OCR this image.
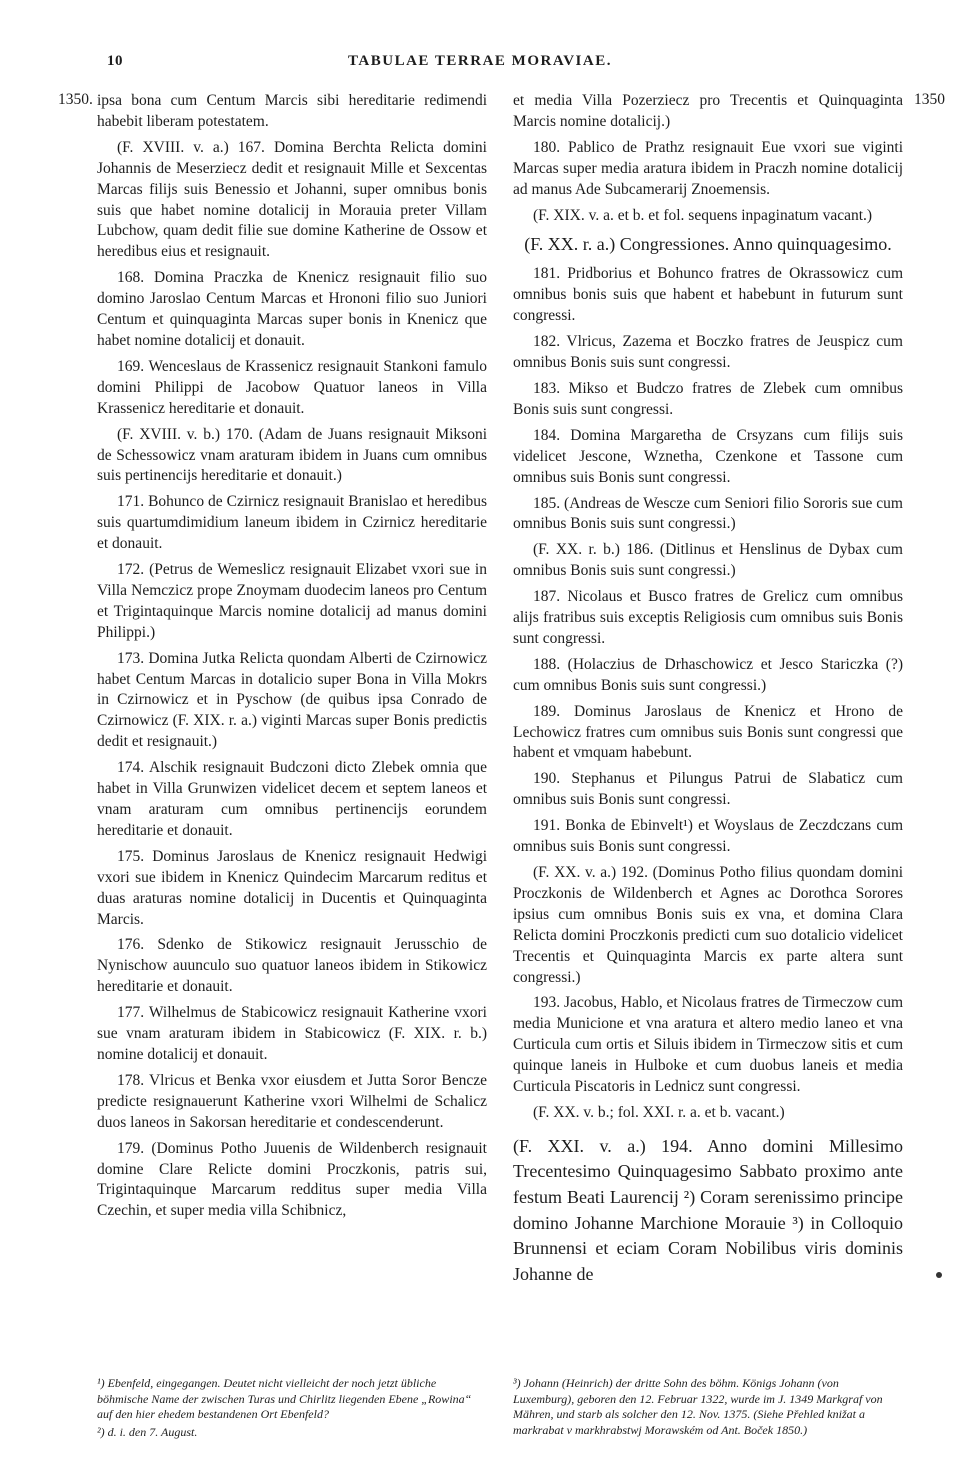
10	TABULAE TERRAE MORAVIAE.
1350.	1350

ipsa bona cum Centum Marcis sibi hereditarie redimendi habebit liberam potestatem.

(F. XVIII. v. a.) 167. Domina Berchta Relicta domini Johannis de Meserziecz dedit et resignauit Mille et Sexcentas Marcas filijs suis Benessio et Johanni, super omnibus bonis suis que habet nomine dotalicij in Morauia preter Villam Lubchow, quam dedit filie sue domine Katherine de Ossow et heredibus eius et resignauit.

168. Domina Praczka de Knenicz resignauit filio suo domino Jaroslao Centum Marcas et Hrononi filio suo Juniori Centum et quinquaginta Marcas super bonis in Knenicz que habet nomine dotalicij et donauit.

169. Wenceslaus de Krassenicz resignauit Stankoni famulo domini Philippi de Jacobow Quatuor laneos in Villa Krassenicz hereditarie et donauit.

(F. XVIII. v. b.) 170. (Adam de Juans resignauit Miksoni de Schessowicz vnam araturam ibidem in Juans cum omnibus suis pertinencijs hereditarie et donauit.)

171. Bohunco de Czirnicz resignauit Branislao et heredibus suis quartumdimidium laneum ibidem in Czirnicz hereditarie et donauit.

172. (Petrus de Wemeslicz resignauit Elizabet vxori sue in Villa Nemczicz prope Znoymam duodecim laneos pro Centum et Trigintaquinque Marcis nomine dotalicij ad manus domini Philippi.)

173. Domina Jutka Relicta quondam Alberti de Czirnowicz habet Centum Marcas in dotalicio super Bona in Villa Mokrs in Czirnowicz et in Pyschow (de quibus ipsa Conrado de Czirnowicz (F. XIX. r. a.) viginti Marcas super Bonis predictis dedit et resignauit.)

174. Alschik resignauit Budczoni dicto Zlebek omnia que habet in Villa Grunwizen videlicet decem et septem laneos et vnam araturam cum omnibus pertinencijs eorundem hereditarie et donauit.

175. Dominus Jaroslaus de Knenicz resignauit Hedwigi vxori sue ibidem in Knenicz Quindecim Marcarum reditus et duas araturas nomine dotalicij in Ducentis et Quinquaginta Marcis.

176. Sdenko de Stikowicz resignauit Jerusschio de Nynischow auunculo suo quatuor laneos ibidem in Stikowicz hereditarie et donauit.

177. Wilhelmus de Stabicowicz resignauit Katherine vxori sue vnam araturam ibidem in Stabicowicz (F. XIX. r. b.) nomine dotalicij et donauit.

178. Vlricus et Benka vxor eiusdem et Jutta Soror Bencze predicte resignauerunt Katherine vxori Wilhelmi de Schalicz duos laneos in Sakorsan hereditarie et condescenderunt.

179. (Dominus Potho Juuenis de Wildenberch resignauit domine Clare Relicte domini Proczkonis, patris sui, Trigintaquinque Marcarum redditus super media Villa Czechin, et super media villa Schibnicz,

et media Villa Pozerziecz pro Trecentis et Quinquaginta Marcis nomine dotalicij.)

180. Pablico de Prathz resignauit Eue vxori sue viginti Marcas super media aratura ibidem in Praczh nomine dotalicij ad manus Ade Subcamerarij Znoemensis.

(F. XIX. v. a. et b. et fol. sequens inpaginatum vacant.)

(F. XX. r. a.) Congressiones. Anno quinquagesimo.

181. Pridborius et Bohunco fratres de Okrassowicz cum omnibus bonis suis que habent et habebunt in futurum sunt congressi.

182. Vlricus, Zazema et Boczko fratres de Jeuspicz cum omnibus Bonis suis sunt congressi.

183. Mikso et Budczo fratres de Zlebek cum omnibus Bonis suis sunt congressi.

184. Domina Margaretha de Crsyzans cum filijs suis videlicet Jescone, Wznetha, Czenkone et Tassone cum omnibus suis Bonis sunt congressi.

185. (Andreas de Wescze cum Seniori filio Sororis sue cum omnibus Bonis suis sunt congressi.)

(F. XX. r. b.) 186. (Ditlinus et Henslinus de Dybax cum omnibus Bonis suis sunt congressi.)

187. Nicolaus et Busco fratres de Grelicz cum omnibus alijs fratribus suis exceptis Religiosis cum omnibus suis Bonis sunt congressi.

188. (Holaczius de Drhaschowicz et Jesco Stariczka (?) cum omnibus Bonis suis sunt congressi.)

189. Dominus Jaroslaus de Knenicz et Hrono de Lechowicz fratres cum omnibus suis Bonis sunt congressi que habent et vmquam habebunt.

190. Stephanus et Pilungus Patrui de Slabaticz cum omnibus suis Bonis sunt congressi.

191. Bonka de Ebinvelt¹) et Woyslaus de Zeczdczans cum omnibus suis Bonis sunt congressi.

(F. XX. v. a.) 192. (Dominus Potho filius quondam domini Proczkonis de Wildenberch et Agnes ac Dorothca Sorores ipsius cum omnibus Bonis suis ex vna, et domina Clara Relicta domini Proczkonis predicti cum suo dotalicio videlicet Trecentis et Quinquaginta Marcis ex parte altera sunt congressi.)

193. Jacobus, Hablo, et Nicolaus fratres de Tirmeczow cum media Municione et vna aratura et altero medio laneo et vna Curticula cum ortis et Siluis ibidem in Tirmeczow sitis et cum quinque laneis in Hulboke et cum duobus laneis et media Curticula Piscatoris in Lednicz sunt congressi.

(F. XX. v. b.; fol. XXI. r. a. et b. vacant.)

(F. XXI. v. a.) 194. Anno domini Millesimo Trecentesimo Quinquagesimo Sabbato proximo ante festum Beati Laurencij ²) Coram serenissimo principe domino Johanne Marchione Morauie ³) in Colloquio Brunnensi et eciam Coram Nobilibus viris dominis Johanne de

¹) Ebenfeld, eingegangen. Deutet nicht vielleicht der noch jetzt übliche böhmische Name der zwischen Turas und Chirlitz liegenden Ebene „Rowina“ auf den hier ehedem bestandenen Ort Ebenfeld?

²) d. i. den 7. August.

³) Johann (Heinrich) der dritte Sohn des böhm. Königs Johann (von Luxemburg), geboren den 12. Februar 1322, wurde im J. 1349 Markgraf von Mähren, und starb als solcher den 12. Nov. 1375. (Siehe Přehled knižat a markrabat v markhrabstwj Morawském od Ant. Boček 1850.)
